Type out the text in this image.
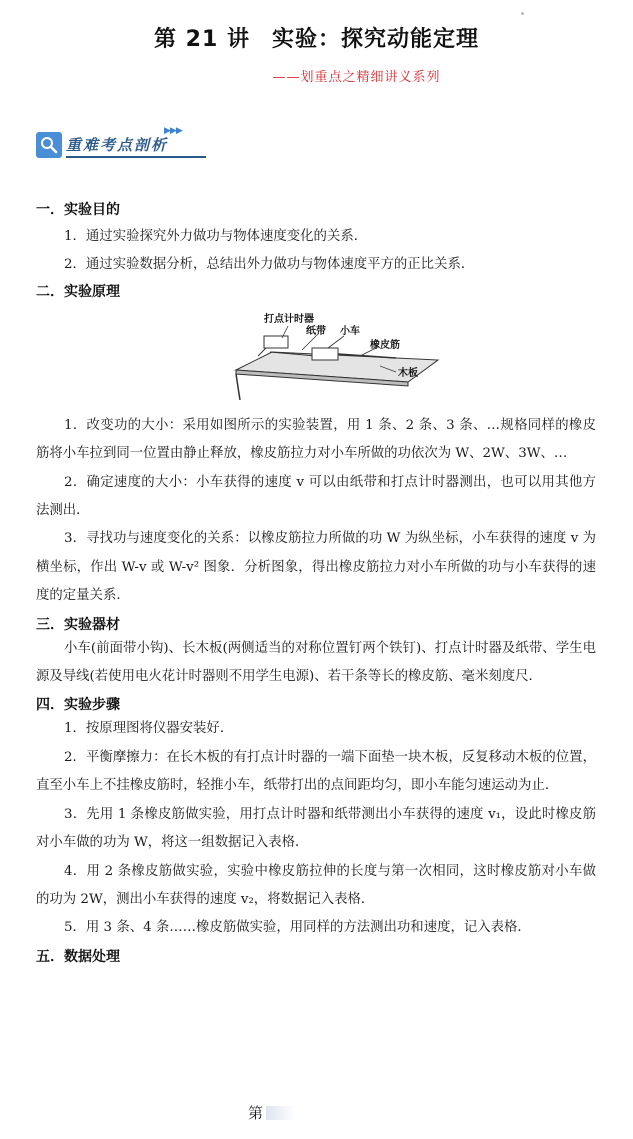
第 21 讲 实验：探究动能定理
——划重点之精细讲义系列
▶▶▶
重难考点剖析

一．实验目的

1．通过实验探究外力做功与物体速度变化的关系．

2．通过实验数据分析，总结出外力做功与物体速度平方的正比关系．

二．实验原理

打点计时器
纸带 小车
橡皮筋
木板

1．改变功的大小：采用如图所示的实验装置，用 1 条、2 条、3 条、…规格同样的橡皮筋将小车拉到同一位置由静止释放，橡皮筋拉力对小车所做的功依次为 W、2W、3W、…

2．确定速度的大小：小车获得的速度 v 可以由纸带和打点计时器测出，也可以用其他方法测出．

3．寻找功与速度变化的关系：以橡皮筋拉力所做的功 W 为纵坐标，小车获得的速度 v 为横坐标，作出 W-v 或 W-v² 图象．分析图象，得出橡皮筋拉力对小车所做的功与小车获得的速度的定量关系．

三．实验器材

小车(前面带小钩)、长木板(两侧适当的对称位置钉两个铁钉)、打点计时器及纸带、学生电源及导线(若使用电火花计时器则不用学生电源)、若干条等长的橡皮筋、毫米刻度尺．

四．实验步骤

1．按原理图将仪器安装好．

2．平衡摩擦力：在长木板的有打点计时器的一端下面垫一块木板，反复移动木板的位置，直至小车上不挂橡皮筋时，轻推小车，纸带打出的点间距均匀，即小车能匀速运动为止．

3．先用 1 条橡皮筋做实验，用打点计时器和纸带测出小车获得的速度 v₁，设此时橡皮筋对小车做的功为 W，将这一组数据记入表格．

4．用 2 条橡皮筋做实验，实验中橡皮筋拉伸的长度与第一次相同，这时橡皮筋对小车做的功为 2W，测出小车获得的速度 v₂，将数据记入表格．

5．用 3 条、4 条……橡皮筋做实验，用同样的方法测出功和速度，记入表格．

五．数据处理

第
